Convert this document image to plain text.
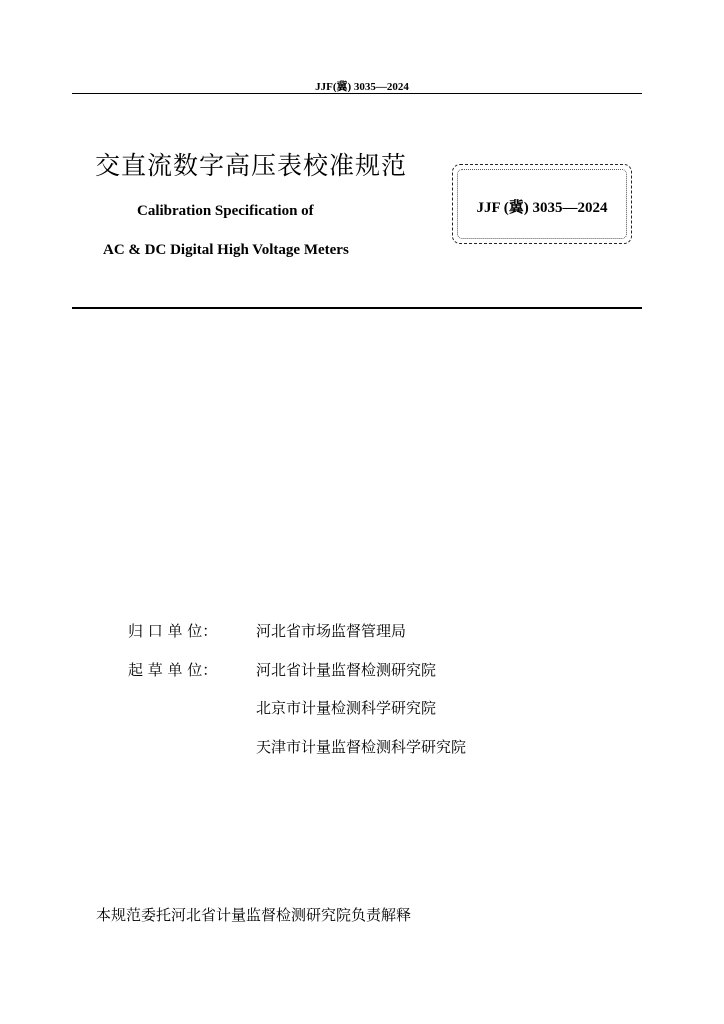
JJF(冀) 3035—2024
交直流数字高压表校准规范
Calibration Specification of
AC & DC Digital High Voltage Meters
JJF (冀) 3035—2024
归 口 单 位：	河北省市场监督管理局
起 草 单 位：	河北省计量监督检测研究院
北京市计量检测科学研究院
天津市计量监督检测科学研究院
本规范委托河北省计量监督检测研究院负责解释
